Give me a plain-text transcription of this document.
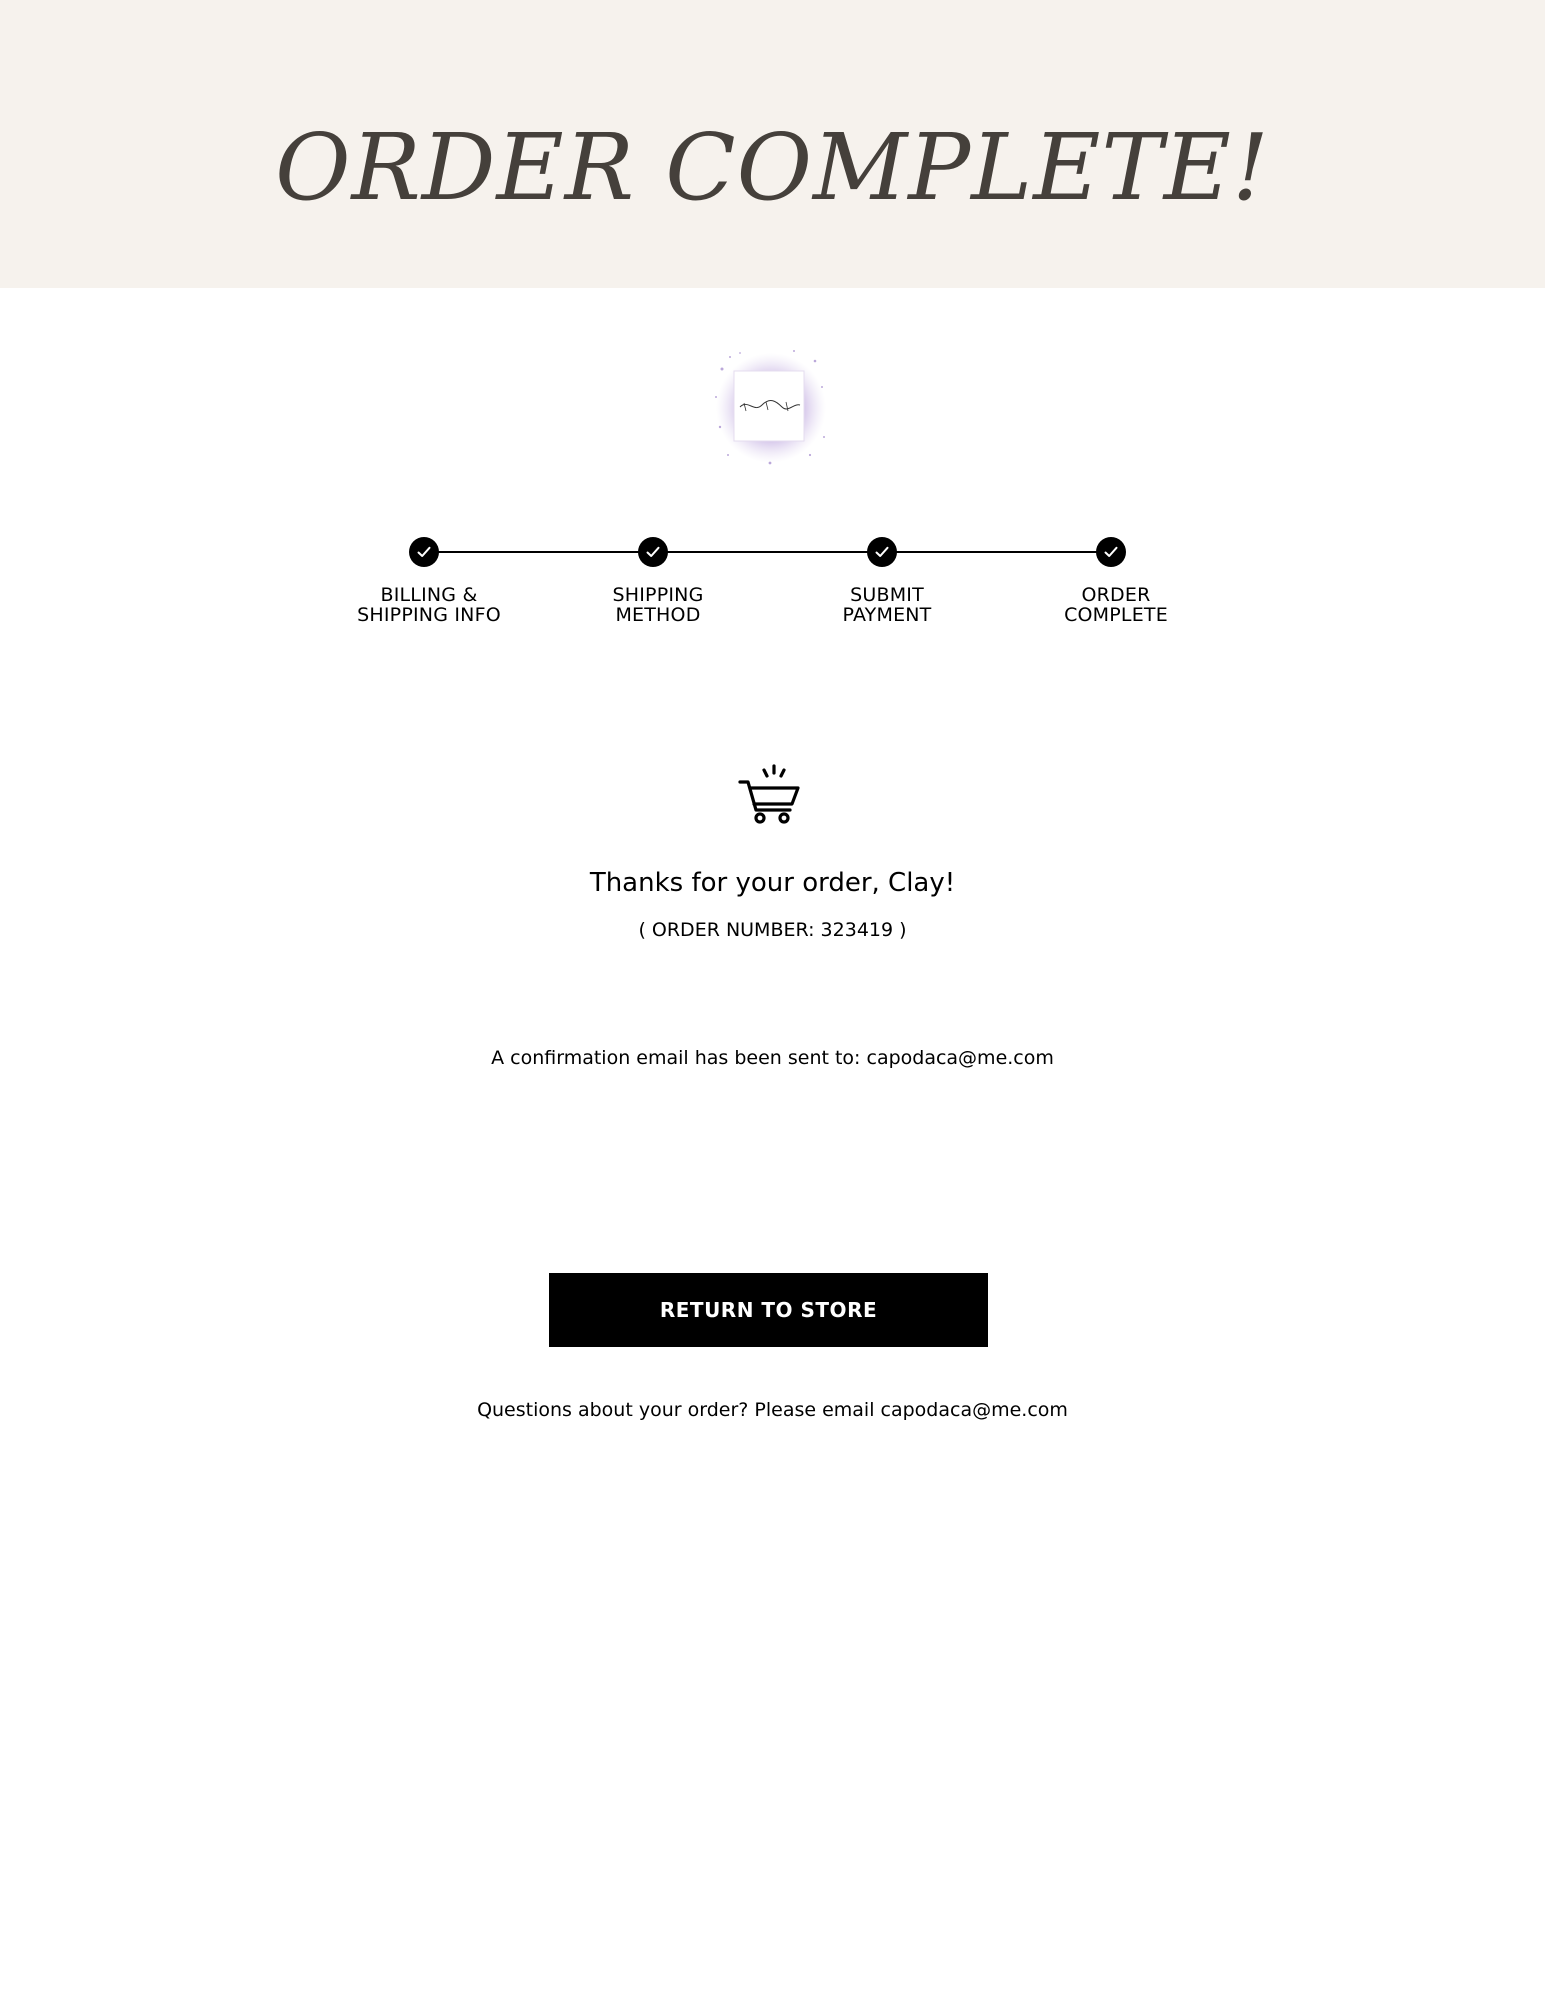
ORDER COMPLETE!
BILLING &
SHIPPING INFO
SHIPPING
METHOD
SUBMIT
PAYMENT
ORDER
COMPLETE
Thanks for your order, Clay!
( ORDER NUMBER: 323419 )
A confirmation email has been sent to: capodaca@me.com
RETURN TO STORE
Questions about your order? Please email capodaca@me.com
